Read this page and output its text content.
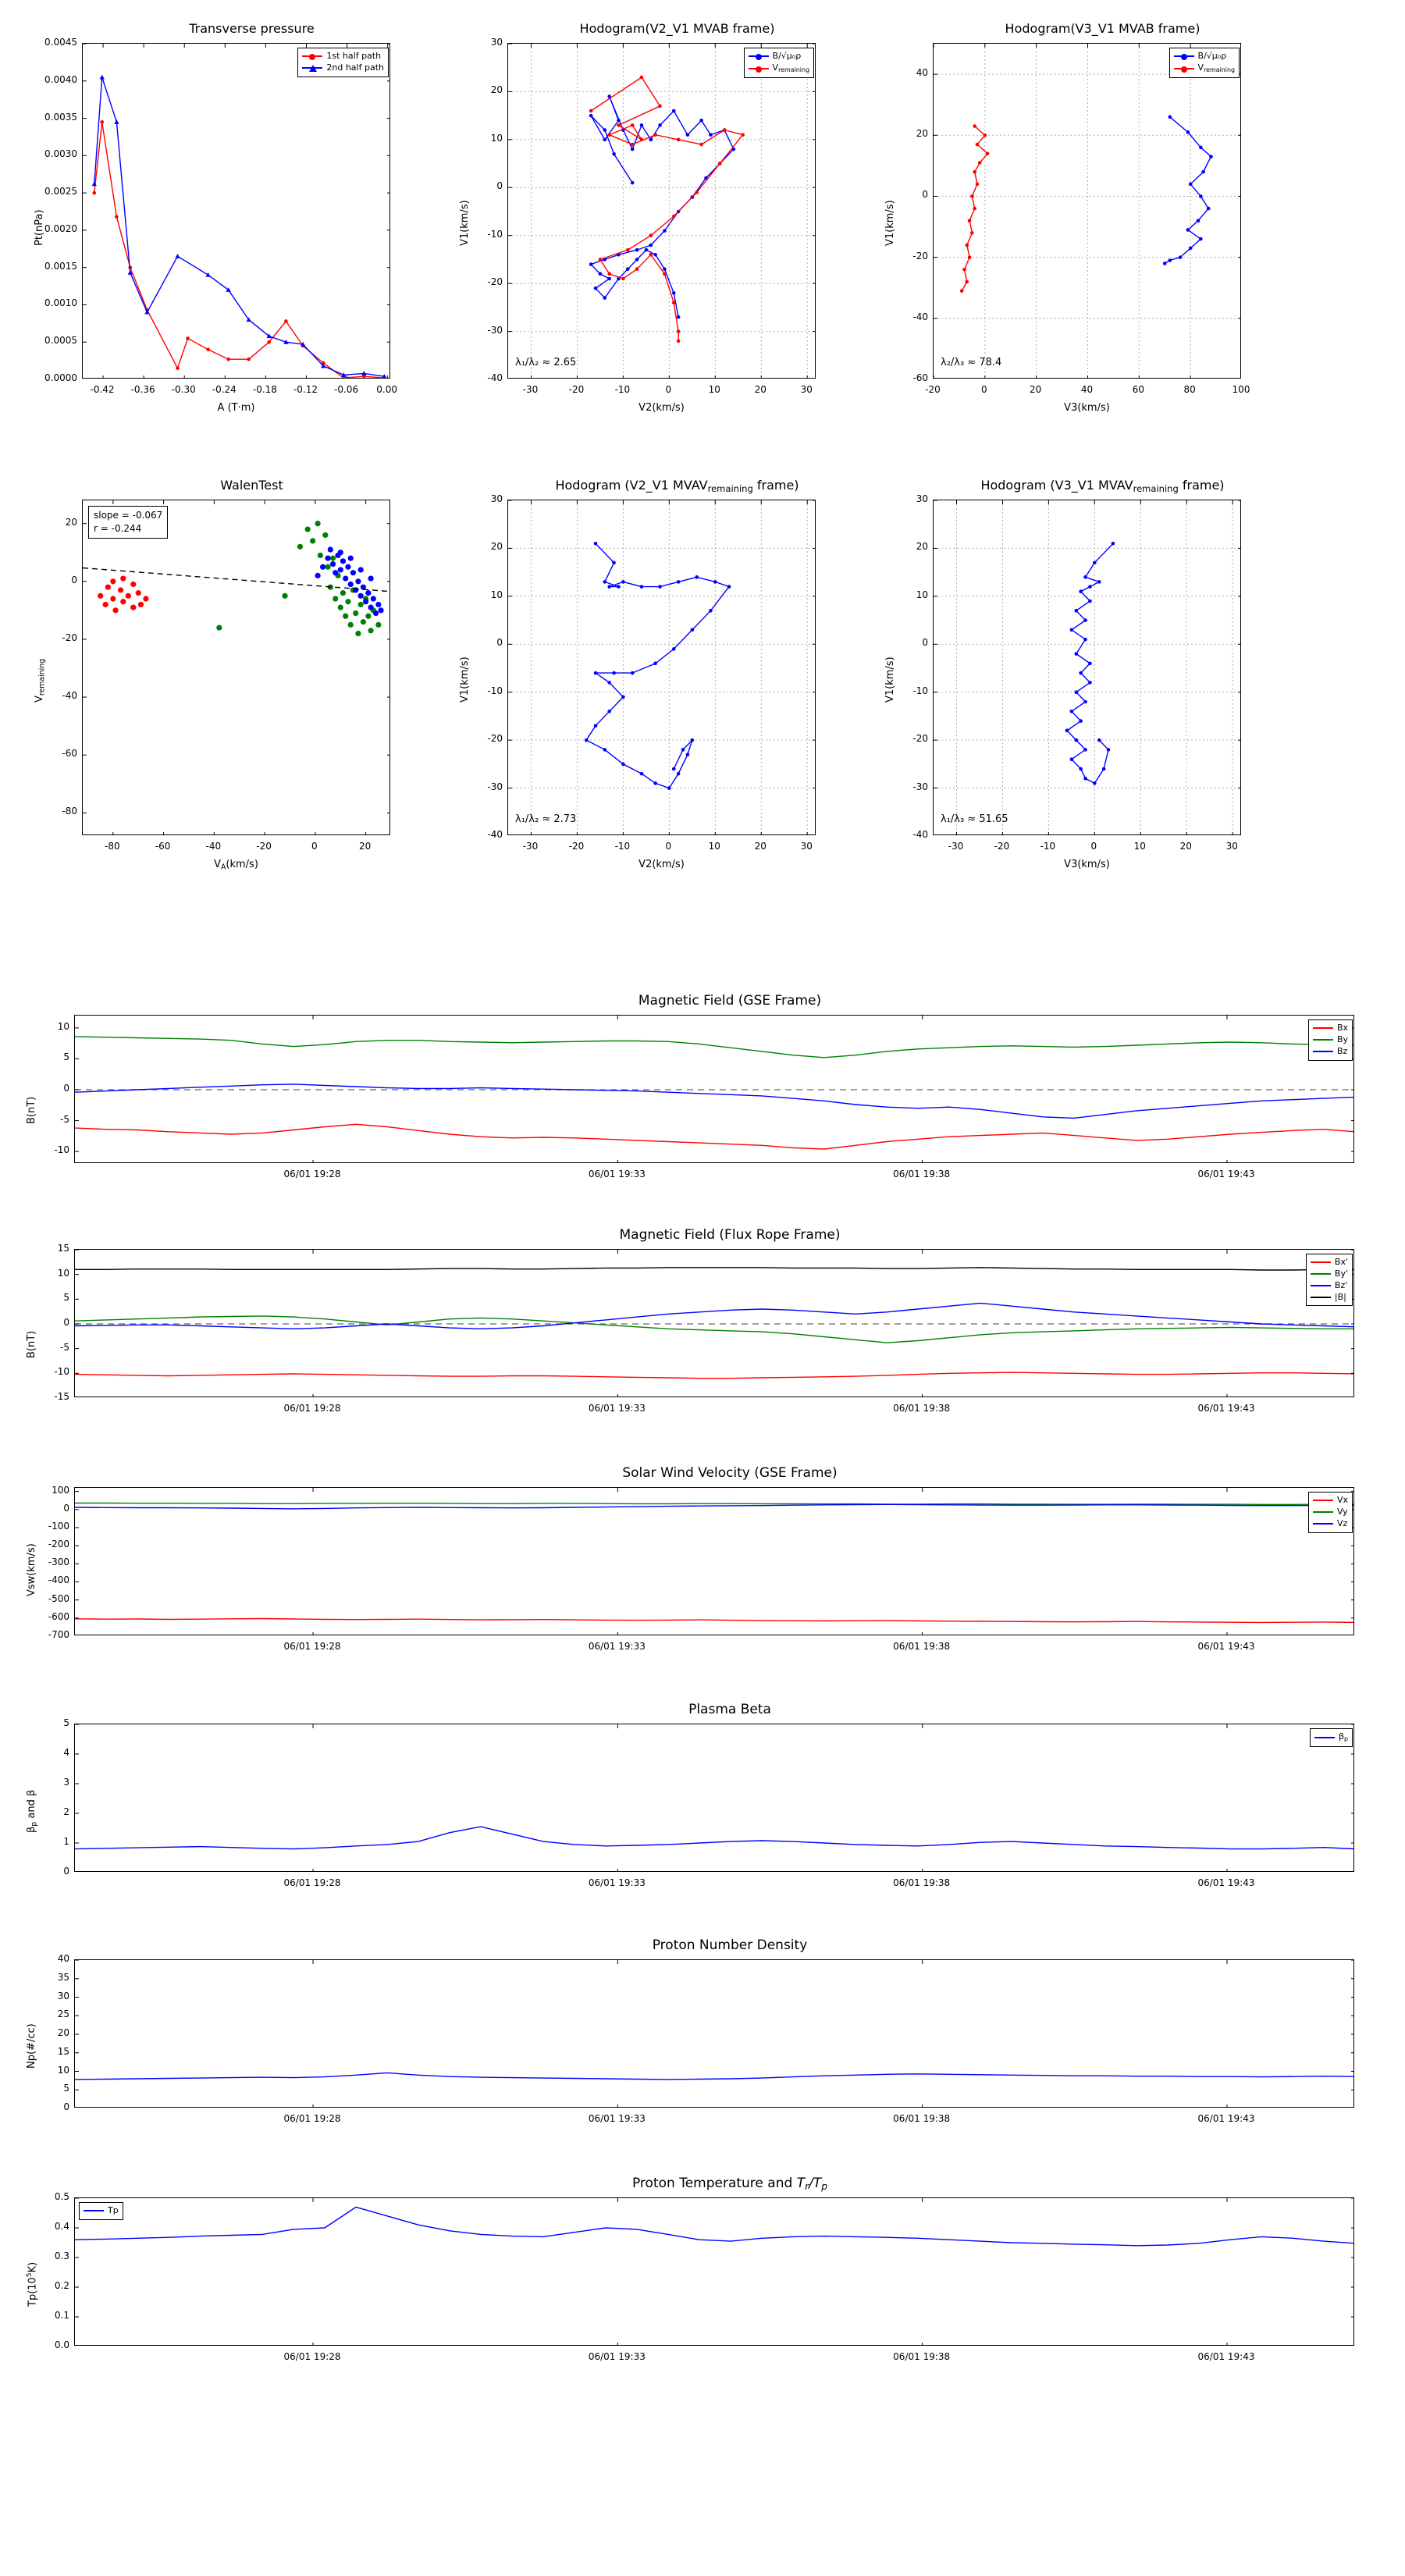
Transverse pressure
0.0000
0.0005
0.0010
0.0015
0.0020
0.0025
0.0030
0.0035
0.0040
0.0045
-0.42	-0.36	-0.30	-0.24	-0.18	-0.12	-0.06	0.00
Pt(nPa)
A (T·m)
1st half path
2nd half path
Hodogram(V2_V1 MVAB frame)
-40
-30
-20
-10
0
10
20
30
-30	-20	-10	0	10	20	30
V1(km/s)
V2(km/s)
λ₁/λ₂ ≈ 2.65
B/√μ₀ρ
$V_{remaining}$
Hodogram(V3_V1 MVAB frame)
-60
-40
-20
0
20
40
-20	0	20	40	60	80	100
V1(km/s)
V3(km/s)
λ₂/λ₃ ≈ 78.4
B/√μ₀ρ
$V_{remaining}$
WalenTest
-80
-60
-40
-20
0
20
-80	-60	-40	-20	0	20
$V_{remaining}$
$V_A(km/s)$
slope = -0.067
r = -0.244
Hodogram (V2_V1 $MVAV_{remaining}$ frame)
-40
-30
-20
-10
0
10
20
30
-30	-20	-10	0	10	20	30
V1(km/s)
V2(km/s)
λ₁/λ₂ ≈ 2.73
Hodogram (V3_V1 $MVAV_{remaining}$ frame)
-40
-30
-20
-10
0
10
20
30
-30	-20	-10	0	10	20	30
V1(km/s)
V3(km/s)
λ₁/λ₃ ≈ 51.65
Magnetic Field (GSE Frame)
-10
-5
0
5
10
06/01 19:28	06/01 19:33	06/01 19:38	06/01 19:43
B(nT)
Bx
By
Bz
Magnetic Field (Flux Rope Frame)
-15
-10
-5
0
5
10
15
06/01 19:28	06/01 19:33	06/01 19:38	06/01 19:43
B(nT)
Bx'
By'
Bz'
|B|
Solar Wind Velocity (GSE Frame)
-700
-600
-500
-400
-300
-200
-100
0
100
06/01 19:28	06/01 19:33	06/01 19:38	06/01 19:43
Vsw(km/s)
Vx
Vy
Vz
Plasma Beta
0
1
2
3
4
5
06/01 19:28	06/01 19:33	06/01 19:38	06/01 19:43
$\beta_p$ and β
$\beta_p$
Proton Number Density
0
5
10
15
20
25
30
35
40
06/01 19:28	06/01 19:33	06/01 19:38	06/01 19:43
Np(#/cc)
Proton Temperature and $T_r/T_p$
0.0
0.1
0.2
0.3
0.4
0.5
06/01 19:28	06/01 19:33	06/01 19:38	06/01 19:43
$Tp(10^5K)$
Tp
